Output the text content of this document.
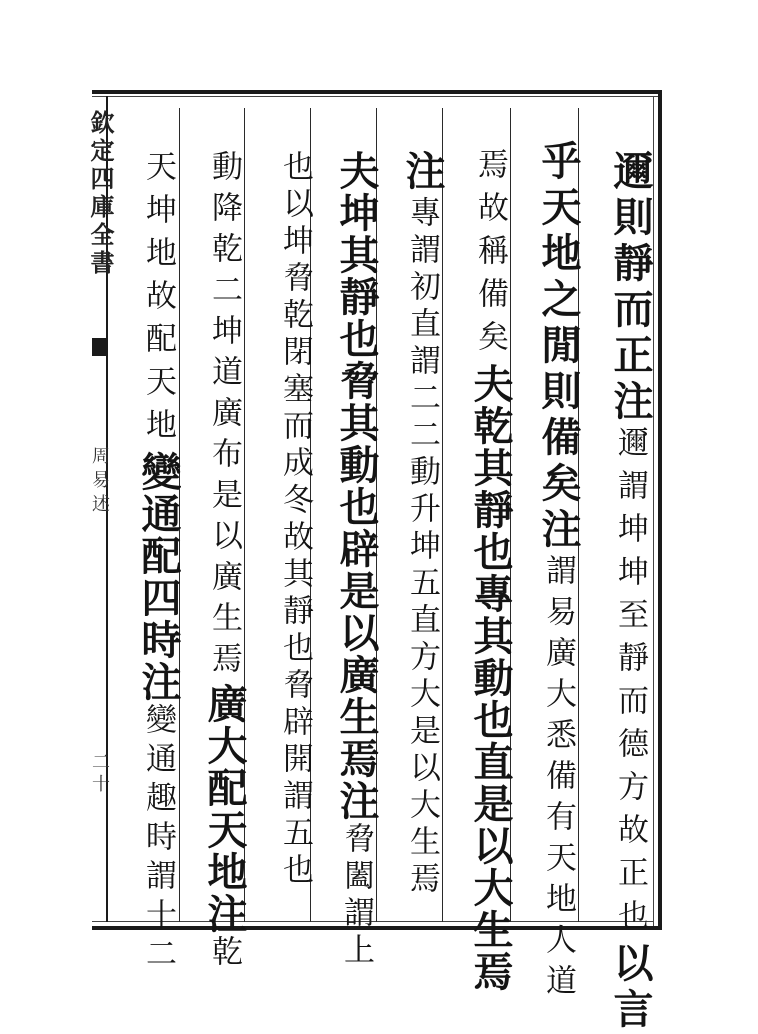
欽定四庫全書
周易述
二十
邇則靜而正注邇謂坤坤至靜而德方故正也以言
乎天地之閒則備矣注謂易廣大悉備有天地人道
焉故稱備矣夫乾其靜也專其動也直是以大生焉
注專謂初直謂二二動升坤五直方大是以大生焉
夫坤其靜也脅其動也辟是以廣生焉注脅闔謂上
也以坤脅乾閉塞而成冬故其靜也脅辟開謂五也
動降乾二坤道廣布是以廣生焉廣大配天地注乾
天坤地故配天地變通配四時注變通趣時謂十二
